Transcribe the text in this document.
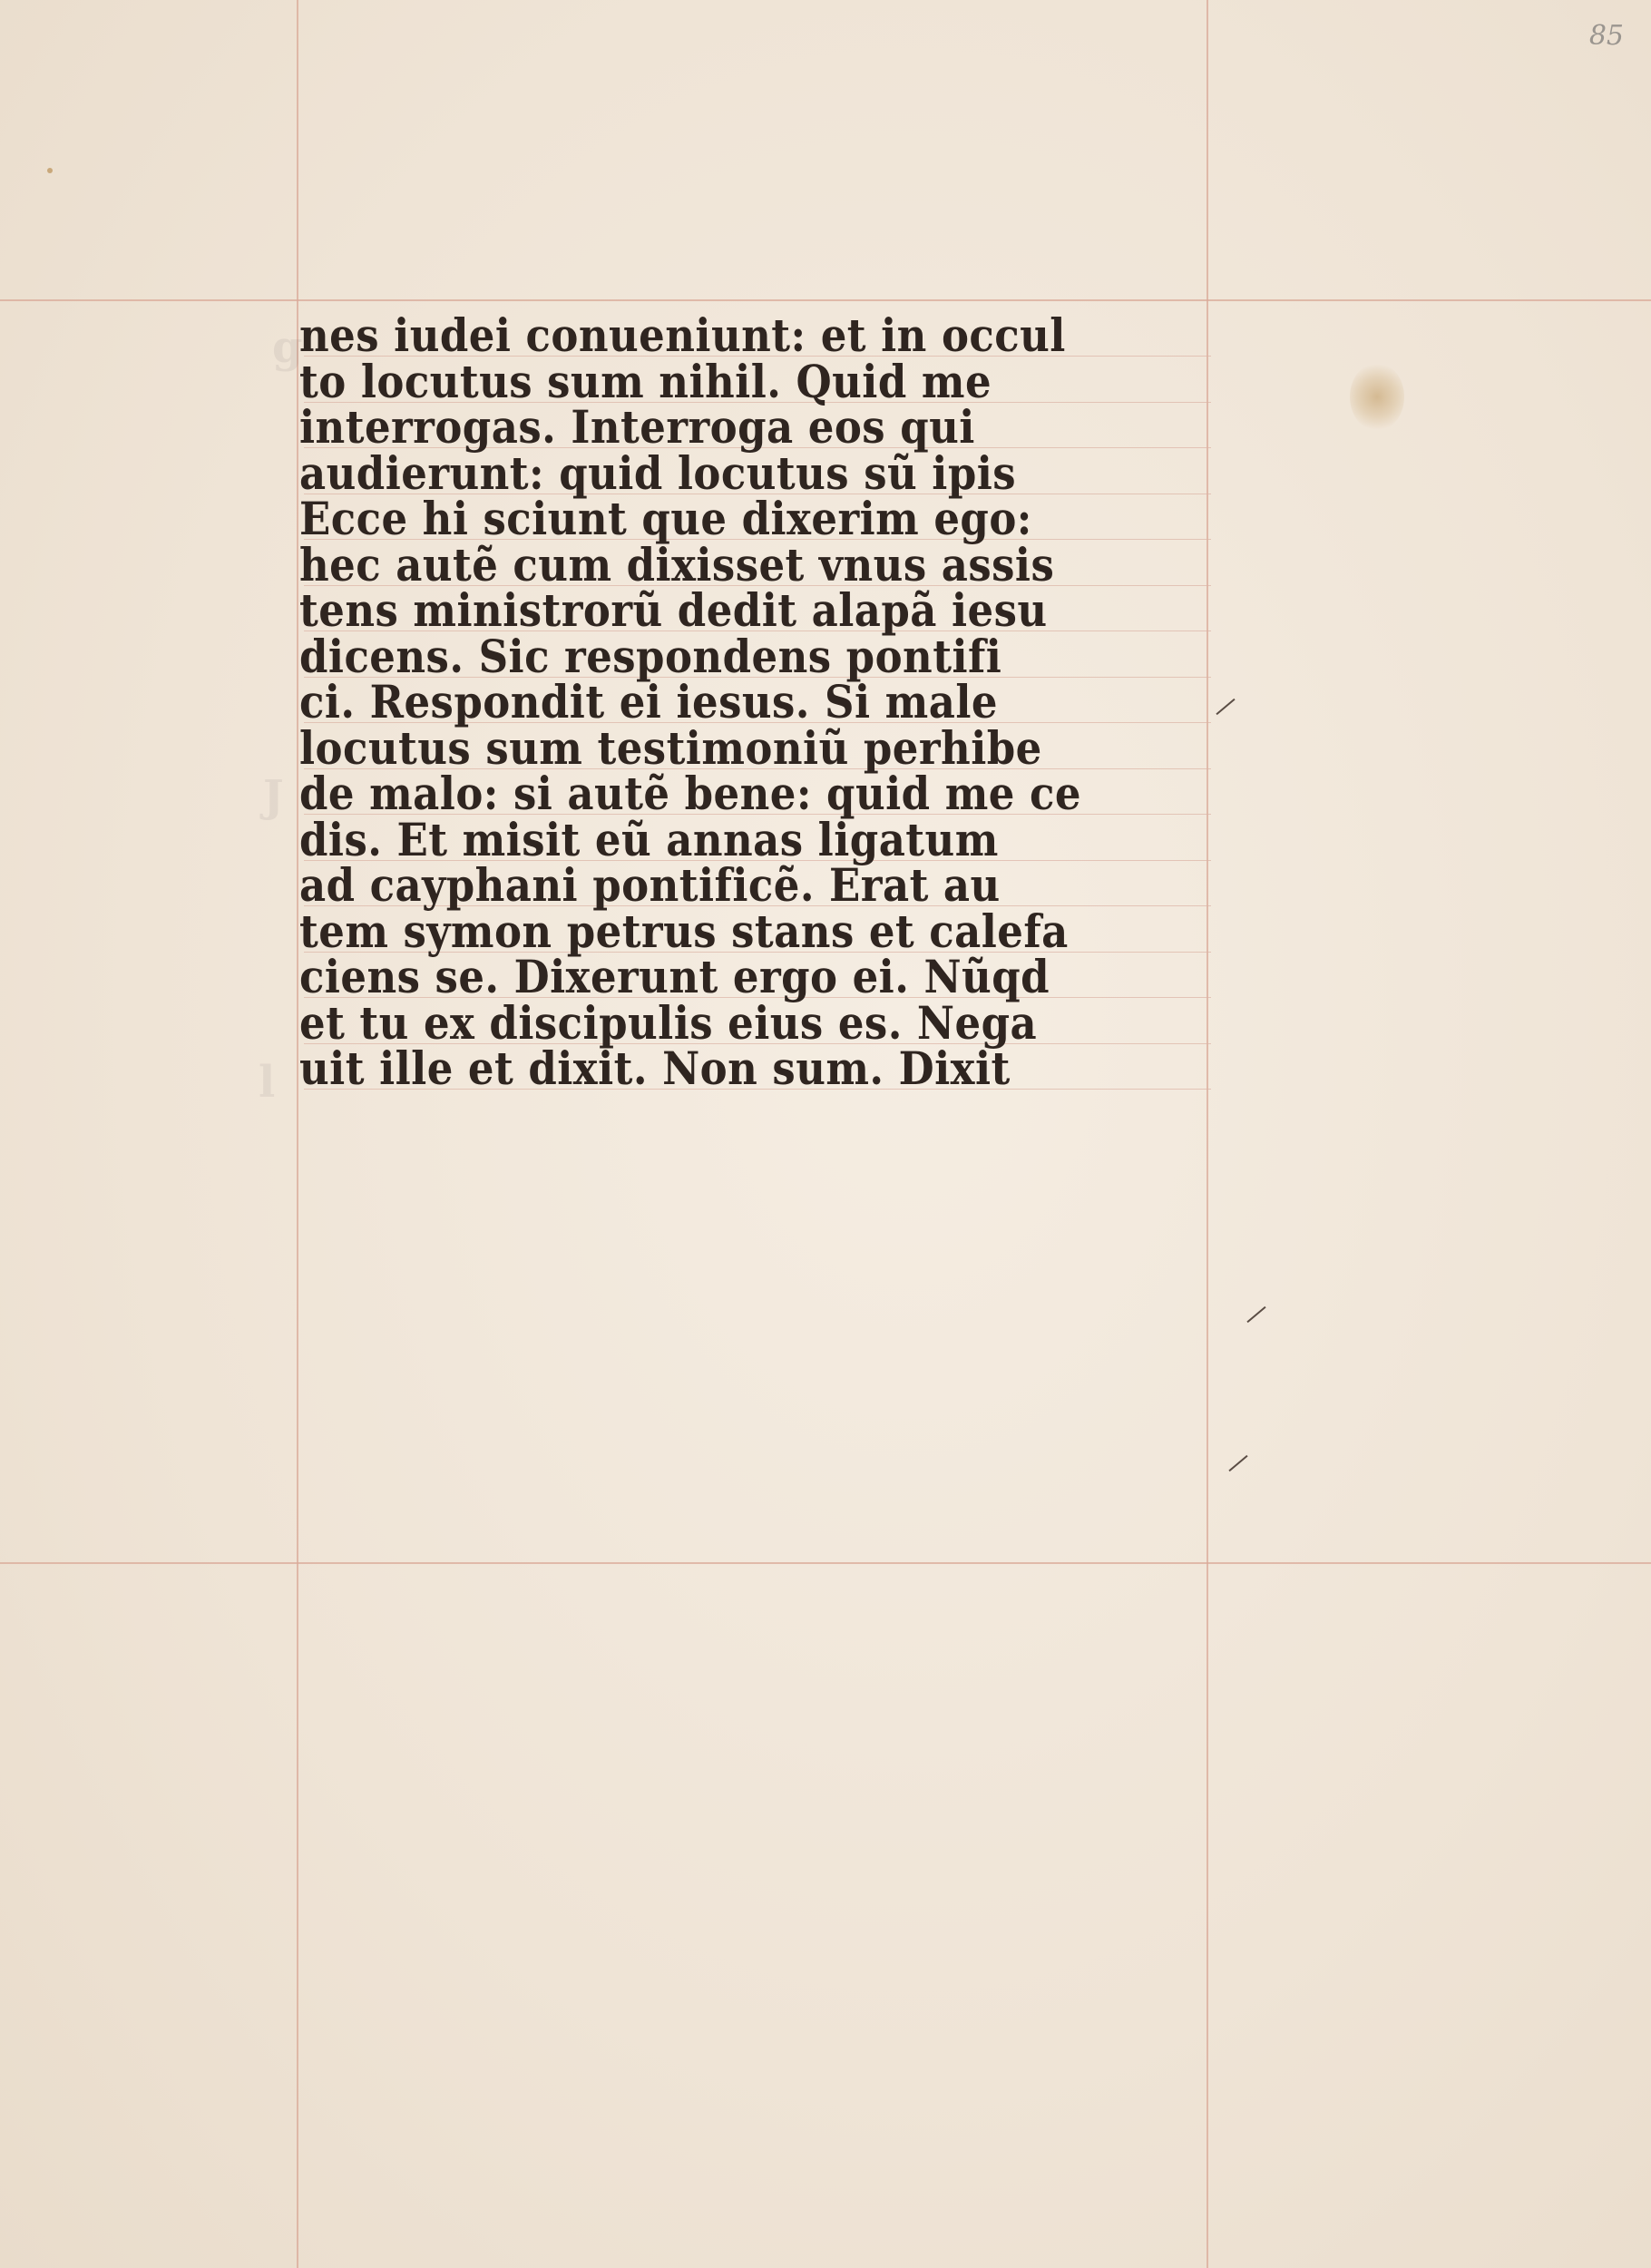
g
J
l
85
nes iudei conueniunt: et in occul
to locutus sum nihil. Quid me
interrogas. Interroga eos qui
audierunt: quid locutus sũ ipis
Ecce hi sciunt que dixerim ego:
hec autẽ cum dixisset vnus assis
tens ministrorũ dedit alapã iesu
dicens. Sic respondens pontifi
ci. Respondit ei iesus. Si male
locutus sum testimoniũ perhibe
de malo: si autẽ bene: quid me ce
dis. Et misit eũ annas ligatum
ad cayphani pontificẽ. Erat au
tem symon petrus stans et calefa
ciens se. Dixerunt ergo ei. Nũqd
et tu ex discipulis eius es. Nega
uit ille et dixit. Non sum. Dixit
